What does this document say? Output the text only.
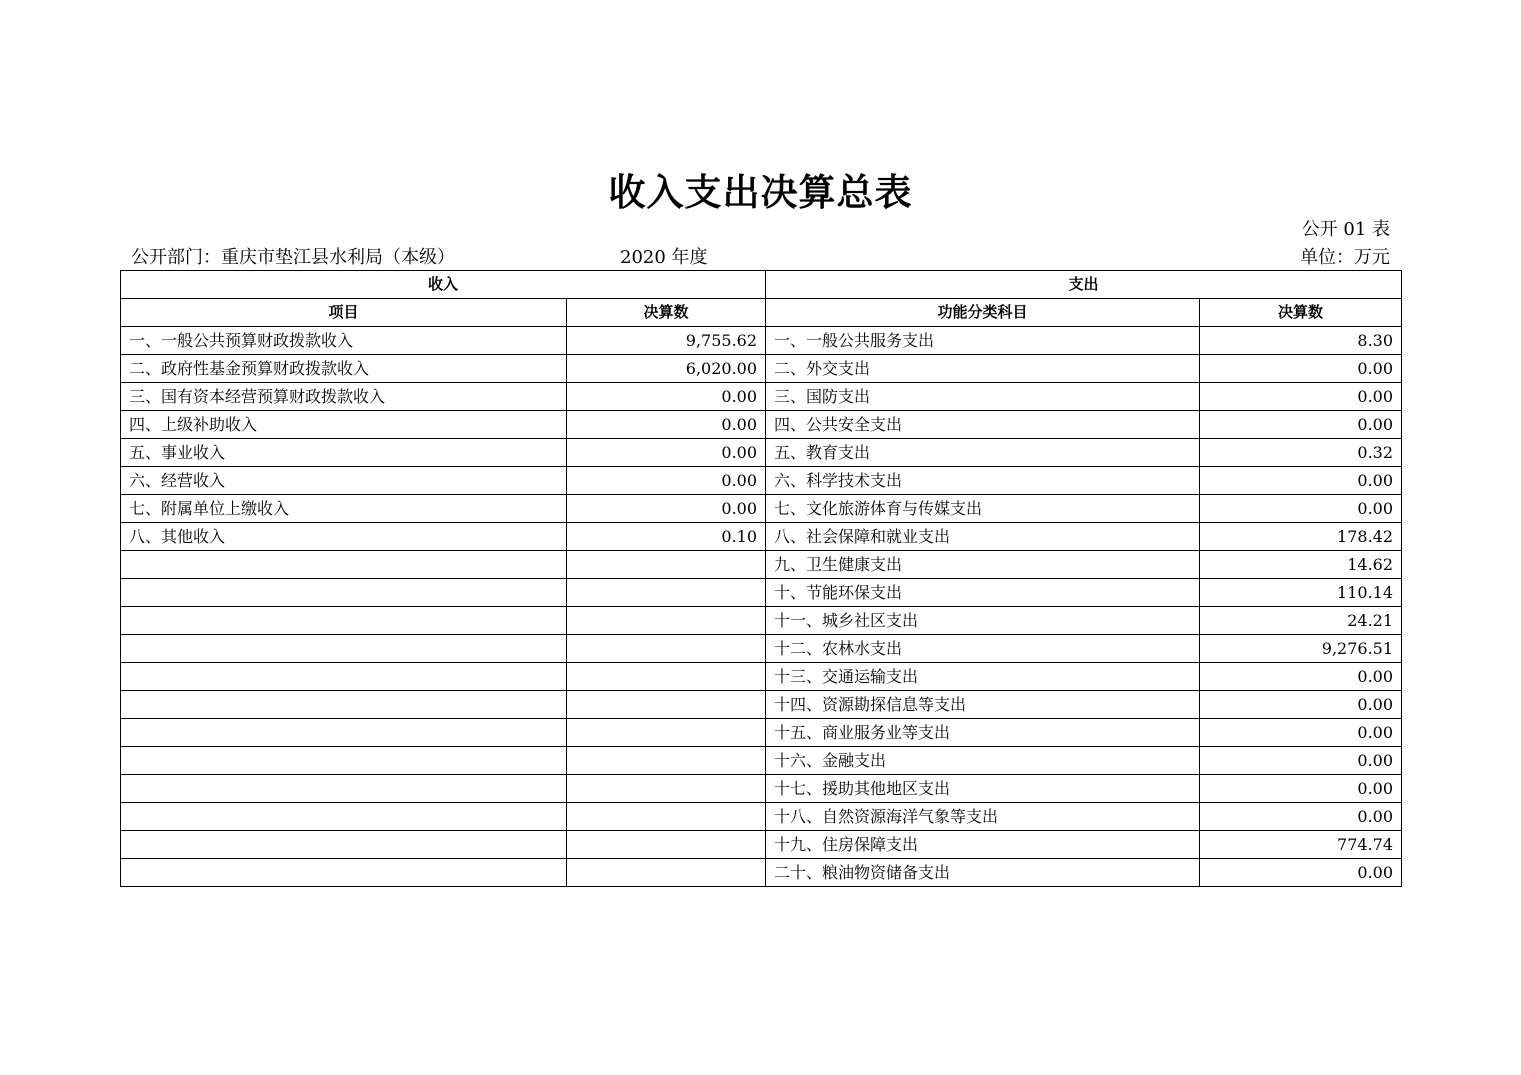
收入支出决算总表
公开 01 表
公开部门：重庆市垫江县水利局（本级）	2020 年度	单位：万元
收入		支出	
项目	决算数	功能分类科目	决算数
一、一般公共预算财政拨款收入	9,755.62	一、一般公共服务支出	8.30
二、政府性基金预算财政拨款收入	6,020.00	二、外交支出	0.00
三、国有资本经营预算财政拨款收入	0.00	三、国防支出	0.00
四、上级补助收入	0.00	四、公共安全支出	0.00
五、事业收入	0.00	五、教育支出	0.32
六、经营收入	0.00	六、科学技术支出	0.00
七、附属单位上缴收入	0.00	七、文化旅游体育与传媒支出	0.00
八、其他收入	0.10	八、社会保障和就业支出	178.42
		九、卫生健康支出	14.62
		十、节能环保支出	110.14
		十一、城乡社区支出	24.21
		十二、农林水支出	9,276.51
		十三、交通运输支出	0.00
		十四、资源勘探信息等支出	0.00
		十五、商业服务业等支出	0.00
		十六、金融支出	0.00
		十七、援助其他地区支出	0.00
		十八、自然资源海洋气象等支出	0.00
		十九、住房保障支出	774.74
		二十、粮油物资储备支出	0.00
